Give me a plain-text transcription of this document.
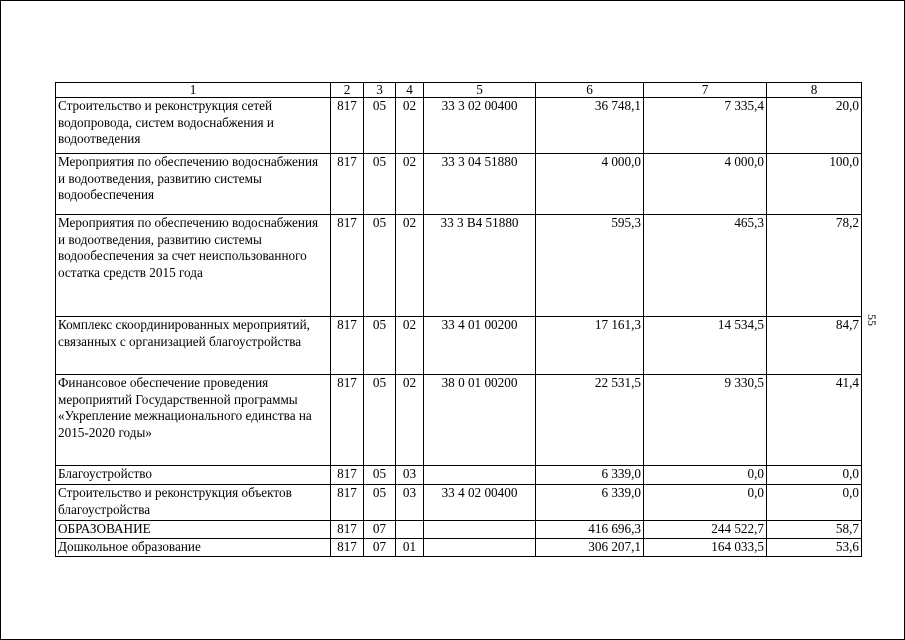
1	2	3	4	5	6	7	8
Строительство и реконструкция сетей водопровода, систем водоснабжения и водоотведения	817	05	02	33 3 02 00400	36 748,1	7 335,4	20,0
Мероприятия по обеспечению водоснабжения и водоотведения, развитию системы водообеспечения	817	05	02	33 3 04 51880	4 000,0	4 000,0	100,0
Мероприятия по обеспечению водоснабжения и водоотведения, развитию системы водообеспечения за счет неиспользованного остатка средств 2015 года	817	05	02	33 3 В4 51880	595,3	465,3	78,2
Комплекс скоординированных мероприятий, связанных с организацией благоустройства	817	05	02	33 4 01 00200	17 161,3	14 534,5	84,7
Финансовое обеспечение проведения мероприятий Государственной программы «Укрепление межнационального единства на 2015-2020 годы»	817	05	02	38 0 01 00200	22 531,5	9 330,5	41,4
Благоустройство	817	05	03		6 339,0	0,0	0,0
Строительство и реконструкция объектов благоустройства	817	05	03	33 4 02 00400	6 339,0	0,0	0,0
ОБРАЗОВАНИЕ	817	07			416 696,3	244 522,7	58,7
Дошкольное образование	817	07	01		306 207,1	164 033,5	53,6
55
